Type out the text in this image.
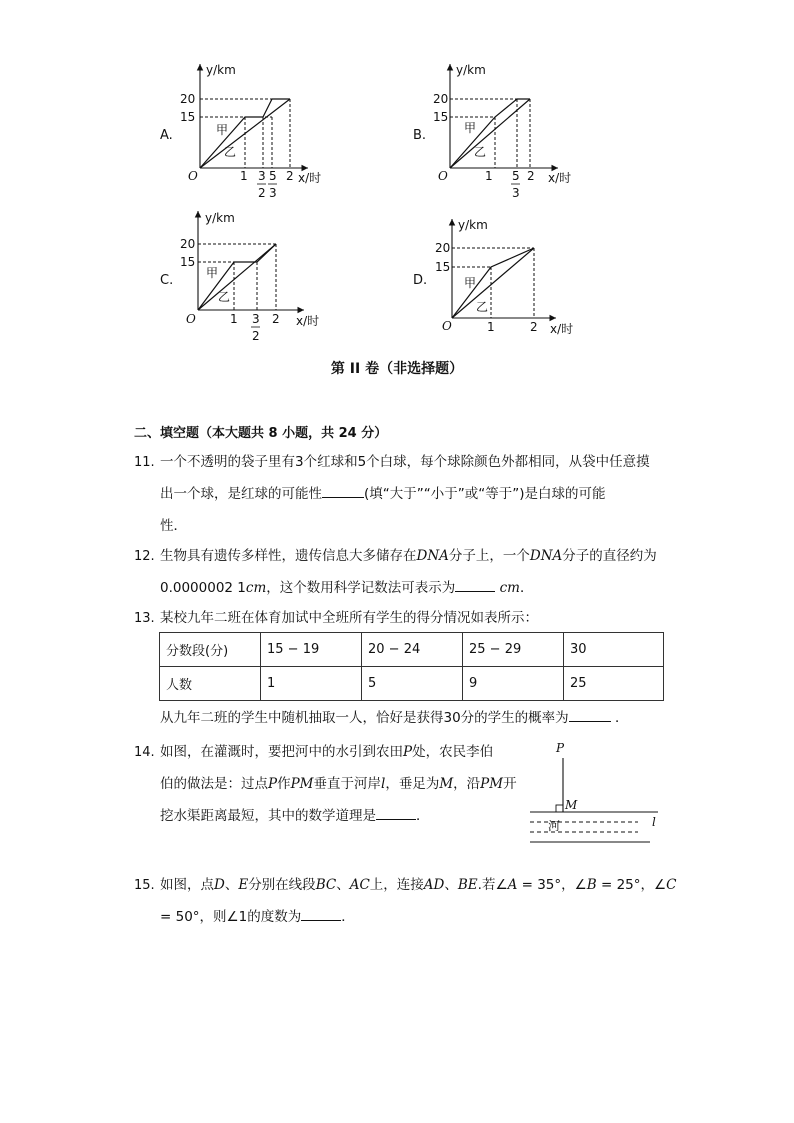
A.
y/km
x/时
O
20
15
甲
乙
1 3
2
5
3
2
B.
y/km
x/时
O
20
15
甲
乙
1 5
3
2
C.
y/km
x/时
O
20
15
甲
乙
1 3
2
2
D.
y/km
x/时
O
20
15
甲
乙
1	2
第 II 卷（非选择题）
二、填空题（本大题共 8 小题，共 24 分）
11. 一个不透明的袋子里有3个红球和5个白球，每个球除颜色外都相同，从袋中任意摸
出一个球，是红球的可能性	(填“大于”“小于”或“等于”)是白球的可能
性．
12. 生物具有遗传多样性，遗传信息大多储存在DNA分子上，一个DNA分子的直径约为
0.0000002 1cm，这个数用科学记数法可表示为	cm．
13. 某校九年二班在体育加试中全班所有学生的得分情况如表所示：
分数段(分)	15 − 19	20 − 24	25 − 29	30
人数	1	5	9	25
从九年二班的学生中随机抽取一人，恰好是获得30分的学生的概率为	．
14. 如图，在灌溉时，要把河中的水引到农田P处，农民李伯
伯的做法是：过点P作PM垂直于河岸l，垂足为M，沿PM开
挖水渠距离最短，其中的数学道理是	．
P
M
l
河
15. 如图，点D、E分别在线段BC、AC上，连接AD、BE.若∠A = 35°，∠B = 25°，∠C
= 50°，则∠1的度数为	．
